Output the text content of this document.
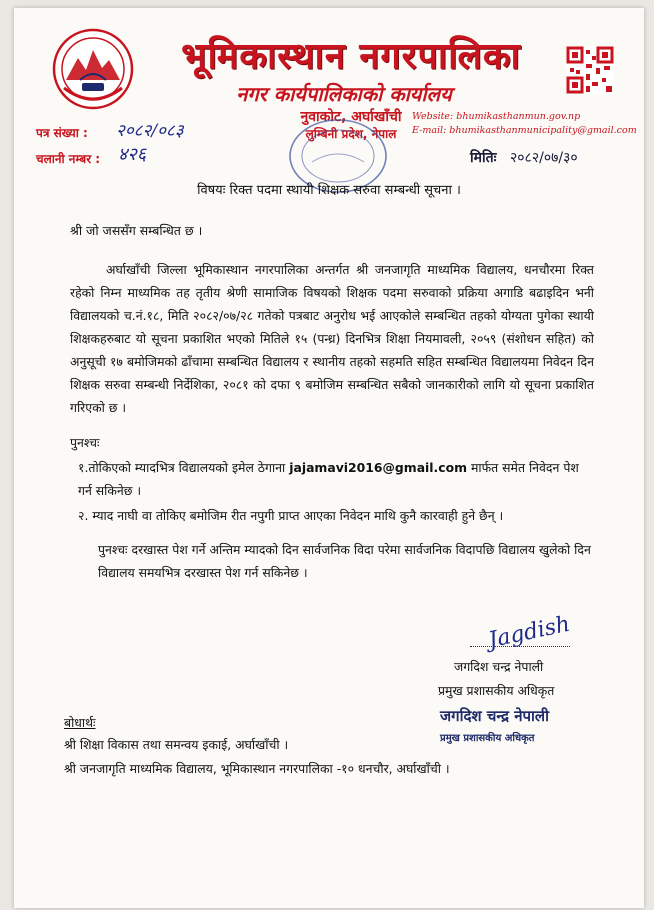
भूमिकास्थान नगरपालिका
नगर कार्यपालिकाको कार्यालय
नुवाकोट, अर्घाखाँची
लुम्बिनी प्रदेश, नेपाल
Website: bhumikasthanmun.gov.np
E-mail: bhumikasthanmunicipality@gmail.com
पत्र संख्या : २०८२/०८३
चलानी नम्बर : ४२६	मितिः २०८२/०७/३०
विषयः रिक्त पदमा स्थायी शिक्षक सरुवा सम्बन्धी सूचना ।
श्री जो जससँग सम्बन्धित छ ।
अर्घाखाँची जिल्ला भूमिकास्थान नगरपालिका अन्तर्गत श्री जनजागृति माध्यमिक विद्यालय, धनचौरमा रिक्त रहेको निम्न माध्यमिक तह तृतीय श्रेणी सामाजिक विषयको शिक्षक पदमा सरुवाको प्रक्रिया अगाडि बढाइदिन भनी विद्यालयको च.नं.१८, मिति २०८२/०७/२८ गतेको पत्रबाट अनुरोध भई आएकोले सम्बन्धित तहको योग्यता पुगेका स्थायी शिक्षकहरुबाट यो सूचना प्रकाशित भएको मितिले १५ (पन्ध्र) दिनभित्र शिक्षा नियमावली, २०५९ (संशोधन सहित) को अनुसूची १७ बमोजिमको ढाँचामा सम्बन्धित विद्यालय र स्थानीय तहको सहमति सहित सम्बन्धित विद्यालयमा निवेदन दिन शिक्षक सरुवा सम्बन्धी निर्देशिका, २०८१ को दफा ९ बमोजिम सम्बन्धित सबैको जानकारीको लागि यो सूचना प्रकाशित गरिएको छ ।
पुनश्चः
१.तोकिएको म्यादभित्र विद्यालयको इमेल ठेगाना jajamavi2016@gmail.com मार्फत समेत निवेदन पेश गर्न सकिनेछ ।
२. म्याद नाघी वा तोकिए बमोजिम रीत नपुगी प्राप्त आएका निवेदन माथि कुनै कारवाही हुने छैन् ।
पुनश्चः दरखास्त पेश गर्ने अन्तिम म्यादको दिन सार्वजनिक विदा परेमा सार्वजनिक विदापछि विद्यालय खुलेको दिन विद्यालय समयभित्र दरखास्त पेश गर्न सकिनेछ ।
Jagdish
जगदिश चन्द्र नेपाली
प्रमुख प्रशासकीय अधिकृत
जगदिश चन्द्र नेपाली
प्रमुख प्रशासकीय अधिकृत
बोधार्थः
श्री शिक्षा विकास तथा समन्वय इकाई, अर्घाखाँची ।
श्री जनजागृति माध्यमिक विद्यालय, भूमिकास्थान नगरपालिका -१० धनचौर, अर्घाखाँची ।
